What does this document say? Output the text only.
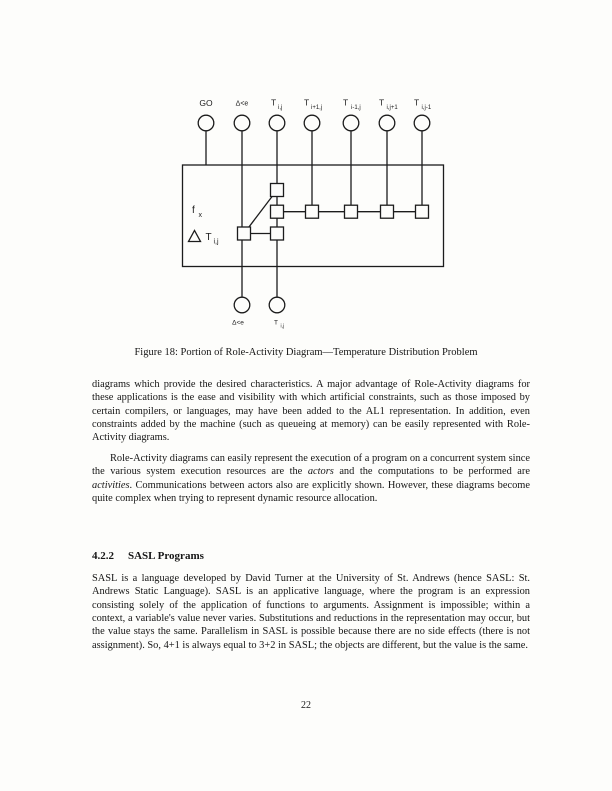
GO	Δ<e	T
i,j
T
i+1,j
T
i-1,j
T
i,j+1
T
i,j-1
f x
T i,j
Δ<e	T i,j
Figure 18: Portion of Role-Activity Diagram—Temperature Distribution Problem
diagrams which provide the desired characteristics. A major advantage of Role-Activity diagrams for these applications is the ease and visibility with which artificial constraints, such as those imposed by certain compilers, or languages, may have been added to the AL1 representation. In addition, even constraints added by the machine (such as queueing at memory) can be easily represented with Role-Activity diagrams.
Role-Activity diagrams can easily represent the execution of a program on a concurrent system since the various system execution resources are the actors and the computations to be performed are activities. Communications between actors also are explicitly shown. However, these diagrams become quite complex when trying to represent dynamic resource allocation.
4.2.2 SASL Programs
SASL is a language developed by David Turner at the University of St. Andrews (hence SASL: St. Andrews Static Language). SASL is an applicative language, where the program is an expression consisting solely of the application of functions to arguments. Assignment is impossible; within a context, a variable's value never varies. Substitutions and reductions in the representation may occur, but the value stays the same. Parallelism in SASL is possible because there are no side effects (there is not assignment). So, 4+1 is always equal to 3+2 in SASL; the objects are different, but the value is the same.
22
